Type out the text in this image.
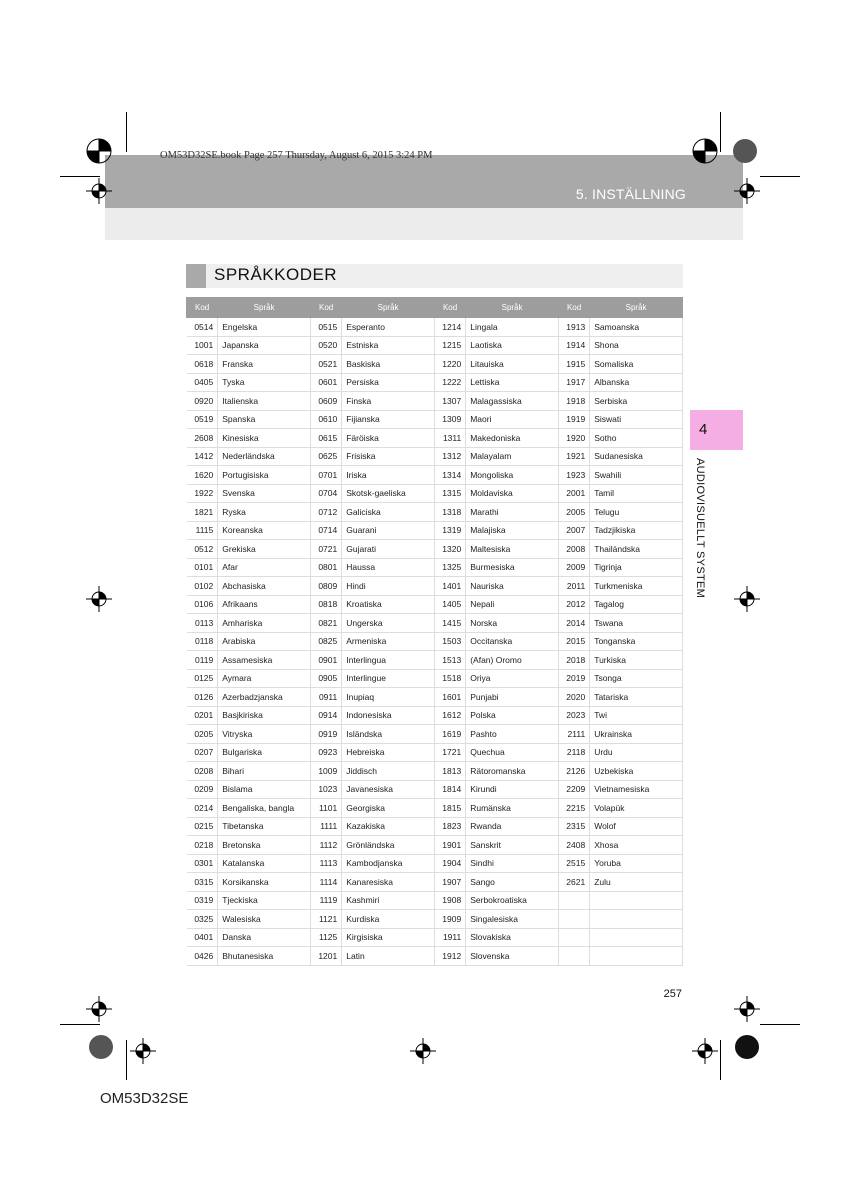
OM53D32SE.book Page 257 Thursday, August 6, 2015 3:24 PM
5. INSTÄLLNING
SPRÅKKODER
Kod	Språk	Kod	Språk	Kod	Språk	Kod	Språk
0514	Engelska	0515	Esperanto	1214	Lingala	1913	Samoanska
1001	Japanska	0520	Estniska	1215	Laotiska	1914	Shona
0618	Franska	0521	Baskiska	1220	Litauiska	1915	Somaliska
0405	Tyska	0601	Persiska	1222	Lettiska	1917	Albanska
0920	Italienska	0609	Finska	1307	Malagassiska	1918	Serbiska
0519	Spanska	0610	Fijianska	1309	Maori	1919	Siswati
2608	Kinesiska	0615	Färöiska	1311	Makedoniska	1920	Sotho
1412	Nederländska	0625	Frisiska	1312	Malayalam	1921	Sudanesiska
1620	Portugisiska	0701	Iriska	1314	Mongoliska	1923	Swahili
1922	Svenska	0704	Skotsk-gaeliska	1315	Moldaviska	2001	Tamil
1821	Ryska	0712	Galiciska	1318	Marathi	2005	Telugu
1115	Koreanska	0714	Guarani	1319	Malajiska	2007	Tadzjikiska
0512	Grekiska	0721	Gujarati	1320	Maltesiska	2008	Thailändska
0101	Afar	0801	Haussa	1325	Burmesiska	2009	Tigrinja
0102	Abchasiska	0809	Hindi	1401	Nauriska	2011	Turkmeniska
0106	Afrikaans	0818	Kroatiska	1405	Nepali	2012	Tagalog
0113	Amhariska	0821	Ungerska	1415	Norska	2014	Tswana
0118	Arabiska	0825	Armeniska	1503	Occitanska	2015	Tonganska
0119	Assamesiska	0901	Interlingua	1513	(Afan) Oromo	2018	Turkiska
0125	Aymara	0905	Interlingue	1518	Oriya	2019	Tsonga
0126	Azerbadzjanska	0911	Inupiaq	1601	Punjabi	2020	Tatariska
0201	Basjkiriska	0914	Indonesiska	1612	Polska	2023	Twi
0205	Vitryska	0919	Isländska	1619	Pashto	2111	Ukrainska
0207	Bulgariska	0923	Hebreiska	1721	Quechua	2118	Urdu
0208	Bihari	1009	Jiddisch	1813	Rätoromanska	2126	Uzbekiska
0209	Bislama	1023	Javanesiska	1814	Kirundi	2209	Vietnamesiska
0214	Bengaliska, bangla	1101	Georgiska	1815	Rumänska	2215	Volapük
0215	Tibetanska	1111	Kazakiska	1823	Rwanda	2315	Wolof
0218	Bretonska	1112	Grönländska	1901	Sanskrit	2408	Xhosa
0301	Katalanska	1113	Kambodjanska	1904	Sindhi	2515	Yoruba
0315	Korsikanska	1114	Kanaresiska	1907	Sango	2621	Zulu
0319	Tjeckiska	1119	Kashmiri	1908	Serbokroatiska		
0325	Walesiska	1121	Kurdiska	1909	Singalesiska		
0401	Danska	1125	Kirgisiska	1911	Slovakiska		
0426	Bhutanesiska	1201	Latin	1912	Slovenska		
4
AUDIOVISUELLT SYSTEM
257
OM53D32SE
